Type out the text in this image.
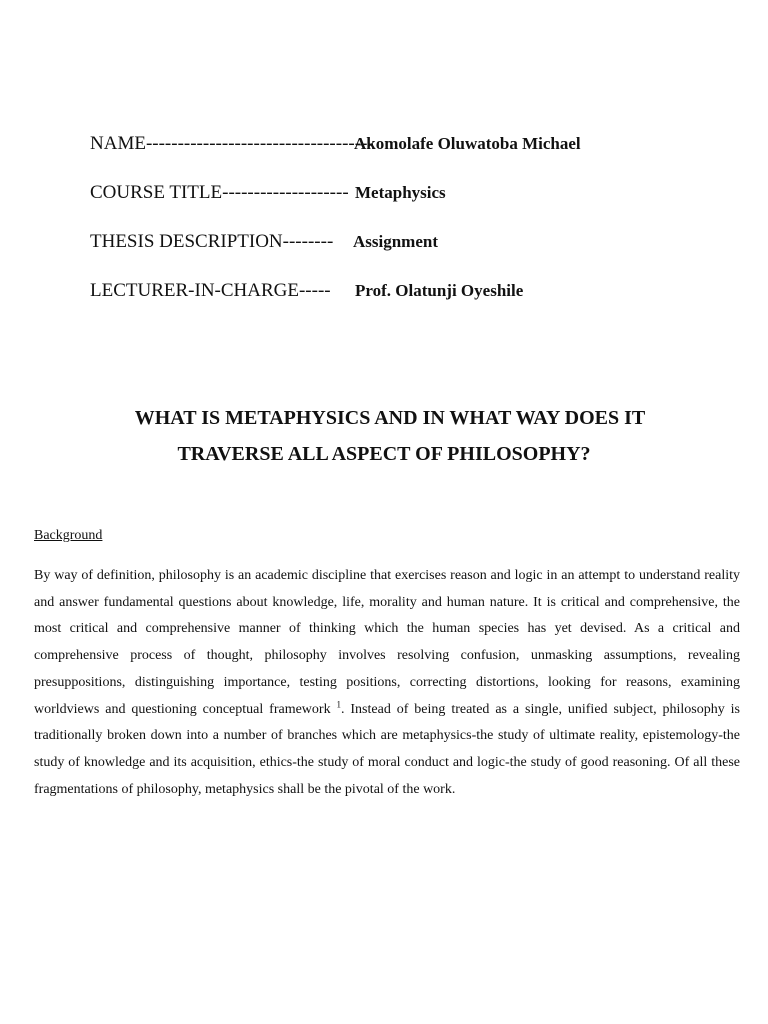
NAME------------------------------------
Akomolafe Oluwatoba Michael
COURSE TITLE-------------------- Metaphysics
THESIS DESCRIPTION-------- Assignment
LECTURER-IN-CHARGE----- Prof. Olatunji Oyeshile
WHAT IS METAPHYSICS AND IN WHAT WAY DOES IT
TRAVERSE ALL ASPECT OF PHILOSOPHY?
Background
By way of definition, philosophy is an academic discipline that exercises reason and logic in an attempt to understand reality and answer fundamental questions about knowledge, life, morality and human nature. It is critical and comprehensive, the most critical and comprehensive manner of thinking which the human species has yet devised. As a critical and comprehensive process of thought, philosophy involves resolving confusion, unmasking assumptions, revealing presuppositions, distinguishing importance, testing positions, correcting distortions, looking for reasons, examining worldviews and questioning conceptual framework $^1$. Instead of being treated as a single, unified subject, philosophy is traditionally broken down into a number of branches which are metaphysics-the study of ultimate reality, epistemology-the study of knowledge and its acquisition, ethics-the study of moral conduct and logic-the study of good reasoning. Of all these fragmentations of philosophy, metaphysics shall be the pivotal of the work.
